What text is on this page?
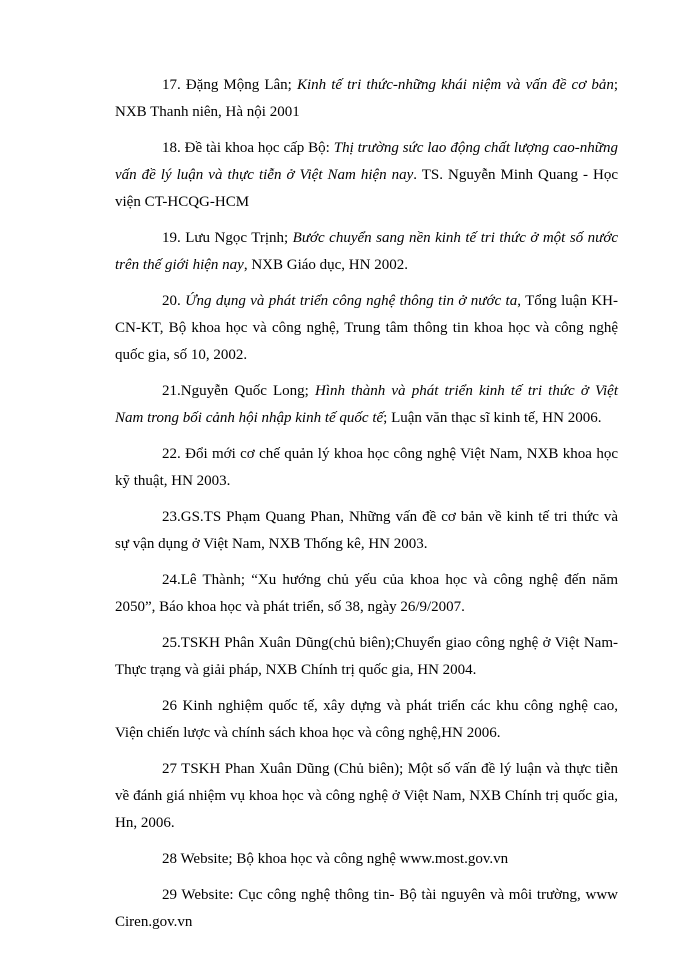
17. Đặng Mộng Lân; Kinh tế tri thức-những khái niệm và vấn đề cơ bản; NXB Thanh niên, Hà nội 2001

18. Đề tài khoa học cấp Bộ: Thị trường sức lao động chất lượng cao-những vấn đề lý luận và thực tiễn ở Việt Nam hiện nay. TS. Nguyễn Minh Quang - Học viện CT-HCQG-HCM

19. Lưu Ngọc Trịnh; Bước chuyển sang nền kinh tế tri thức ở một số nước trên thế giới hiện nay, NXB Giáo dục, HN 2002.

20. Ứng dụng và phát triển công nghệ thông tin ở nước ta, Tổng luận KH-CN-KT, Bộ khoa học và công nghệ, Trung tâm thông tin khoa học và công nghệ quốc gia, số 10, 2002.

21.Nguyễn Quốc Long; Hình thành và phát triển kinh tế tri thức ở Việt Nam trong bối cảnh hội nhập kinh tế quốc tế; Luận văn thạc sĩ kinh tế, HN 2006.

22. Đổi mới cơ chế quản lý khoa học công nghệ Việt Nam, NXB khoa học kỹ thuật, HN 2003.

23.GS.TS Phạm Quang Phan, Những vấn đề cơ bản về kinh tế tri thức và sự vận dụng ở Việt Nam, NXB Thống kê, HN 2003.

24.Lê Thành; “Xu hướng chủ yếu của khoa học và công nghệ đến năm 2050”, Báo khoa học và phát triển, số 38, ngày 26/9/2007.

25.TSKH Phân Xuân Dũng(chủ biên);Chuyển giao công nghệ ở Việt Nam- Thực trạng và giải pháp, NXB Chính trị quốc gia, HN 2004.

26 Kinh nghiệm quốc tế, xây dựng và phát triển các khu công nghệ cao, Viện chiến lược và chính sách khoa học và công nghệ,HN 2006.

27 TSKH Phan Xuân Dũng (Chủ biên); Một số vấn đề lý luận và thực tiễn về đánh giá nhiệm vụ khoa học và công nghệ ở Việt Nam, NXB Chính trị quốc gia, Hn, 2006.

28 Website; Bộ khoa học và công nghệ www.most.gov.vn

29 Website: Cục công nghệ thông tin- Bộ tài nguyên và môi trường, www Ciren.gov.vn
